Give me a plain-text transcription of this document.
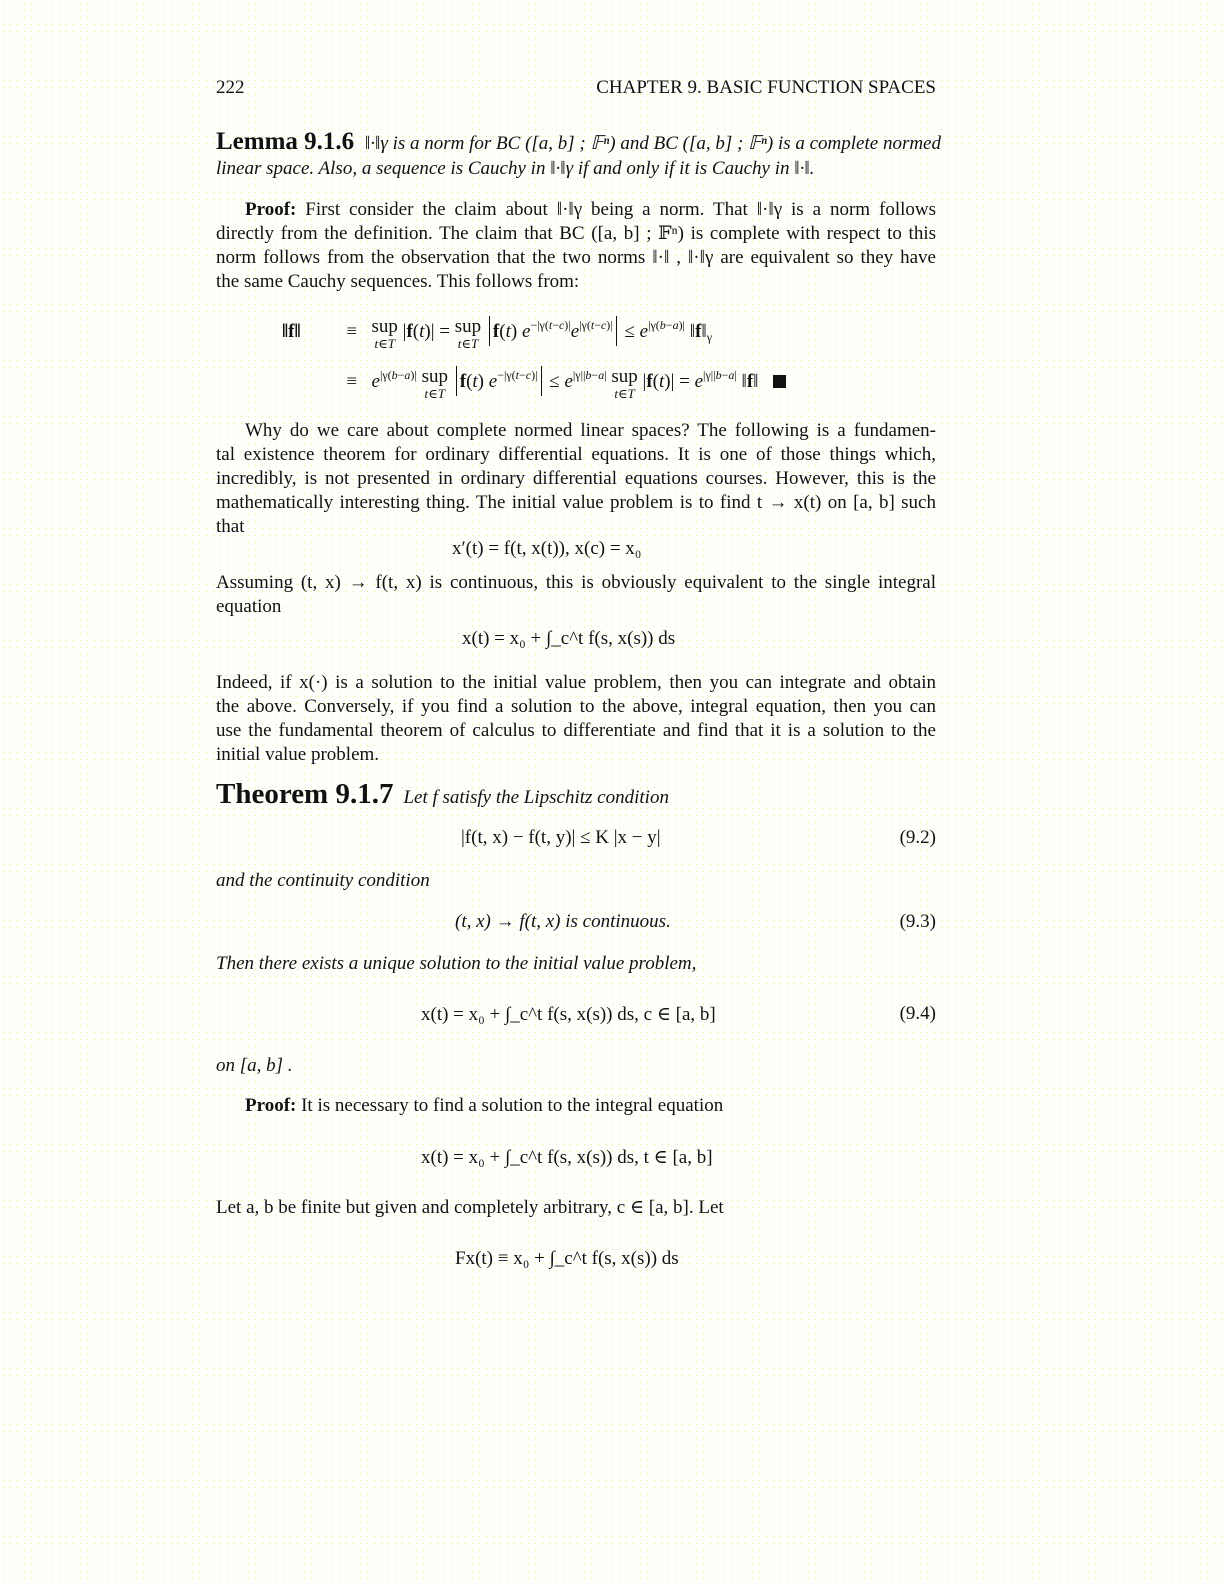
222	CHAPTER 9. BASIC FUNCTION SPACES
Lemma 9.1.6 ‖·‖γ is a norm for BC ([a, b] ; 𝔽ⁿ) and BC ([a, b] ; 𝔽ⁿ) is a complete normed
linear space. Also, a sequence is Cauchy in ‖·‖γ if and only if it is Cauchy in ‖·‖.
Proof: First consider the claim about ‖·‖γ being a norm. That ‖·‖γ is a norm follows
directly from the definition. The claim that BC ([a, b] ; 𝔽ⁿ) is complete with respect to this
norm follows from the observation that the two norms ‖·‖ , ‖·‖γ are equivalent so they have
the same Cauchy sequences. This follows from:
‖f‖ ≡ sup
t∈T
|f(t)| = sup
t∈T
f(t) $e^{-|\gamma(t-c)|}e^{|\gamma(t-c)|} \le e^{|\gamma(b-a)|}$ $‖f‖_\gamma$
≡ $e^{|\gamma(b-a)|}$ sup
t∈T
f(t) $e^{-|\gamma(t-c)|} \le e^{|\gamma||b-a|}$ sup
t∈T
$|f(t)| = e^{|\gamma||b-a|}$ ‖f‖
Why do we care about complete normed linear spaces? The following is a fundamen-
tal existence theorem for ordinary differential equations. It is one of those things which,
incredibly, is not presented in ordinary differential equations courses. However, this is the
mathematically interesting thing. The initial value problem is to find t → x(t) on [a, b] such
that
x′(t) = f(t, x(t)), x(c) = x₀
Assuming (t, x) → f(t, x) is continuous, this is obviously equivalent to the single integral
equation
x(t) = x₀ + ∫_c^t f(s, x(s)) ds
Indeed, if x(·) is a solution to the initial value problem, then you can integrate and obtain
the above. Conversely, if you find a solution to the above, integral equation, then you can
use the fundamental theorem of calculus to differentiate and find that it is a solution to the
initial value problem.
Theorem 9.1.7 Let f satisfy the Lipschitz condition
|f(t, x) − f(t, y)| ≤ K |x − y|	(9.2)
and the continuity condition
(t, x) → f(t, x) is continuous.	(9.3)
Then there exists a unique solution to the initial value problem,
x(t) = x₀ + ∫_c^t f(s, x(s)) ds, c ∈ [a, b]	(9.4)
on [a, b] .
Proof: It is necessary to find a solution to the integral equation
x(t) = x₀ + ∫_c^t f(s, x(s)) ds, t ∈ [a, b]
Let a, b be finite but given and completely arbitrary, c ∈ [a, b]. Let
Fx(t) ≡ x₀ + ∫_c^t f(s, x(s)) ds
